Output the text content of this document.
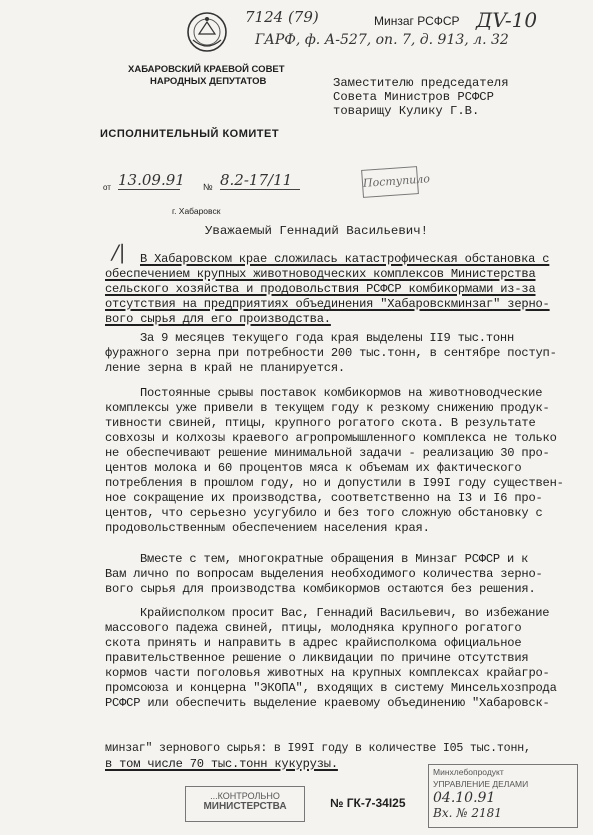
7124 (79)
ГАРФ, ф. А-527, оп. 7, д. 913, л. 32
Минзаг РСФСР ДV-10
ХАБАРОВСКИЙ КРАЕВОЙ СОВЕТ
НАРОДНЫХ ДЕПУТАТОВ	Заместителю председателя
Совета Министров РСФСР
товарищу Кулику Г.В.
ИСПОЛНИТЕЛЬНЫЙ КОМИТЕТ
от 13.09.91 № 8.2-17/11	Поступило
г. Хабаровск
Уважаемый Геннадий Васильевич!
/| В Хабаровском крае сложилась катастрофическая обстановка с
обеспечением крупных животноводческих комплексов Министерства
сельского хозяйства и продовольствия РСФСР комбикормами из-за
отсутствия на предприятиях объединения "Хабаровскминзаг" зерно-
вого сырья для его производства.
За 9 месяцев текущего года края выделены II9 тыс.тонн
фуражного зерна при потребности 200 тыс.тонн, в сентябре поступ-
ление зерна в край не планируется.
Постоянные срывы поставок комбикормов на животноводческие
комплексы уже привели в текущем году к резкому снижению продук-
тивности свиней, птицы, крупного рогатого скота. В результате
совхозы и колхозы краевого агропромышленного комплекса не только
не обеспечивают решение минимальной задачи - реализацию 30 про-
центов молока и 60 процентов мяса к объемам их фактического
потребления в прошлом году, но и допустили в I99I году существен-
ное сокращение их производства, соответственно на I3 и I6 про-
центов, что серьезно усугубило и без того сложную обстановку с
продовольственным обеспечением населения края.
Вместе с тем, многократные обращения в Минзаг РСФСР и к
Вам лично по вопросам выделения необходимого количества зерно-
вого сырья для производства комбикормов остаются без решения.
Крайисполком просит Вас, Геннадий Васильевич, во избежание
массового падежа свиней, птицы, молодняка крупного рогатого
скота принять и направить в адрес крайисполкома официальное
правительственное решение о ликвидации по причине отсутствия
кормов части поголовья животных на крупных комплексах крайагро-
промсоюза и концерна "ЭКОПА", входящих в систему Минсельхозпрода
РСФСР или обеспечить выделение краевому объединению "Хабаровск-
минзаг" зернового сырья: в I99I году в количестве I05 тыс.тонн,
в том числе 70 тыс.тонн кукурузы.
...КОНТРОЛЬНО
МИНИСТЕРСТВА	№ ГК-7-34I25
Минхлебопродукт
УПРАВЛЕНИЕ ДЕЛАМИ
04.10.91
Вх. № 2181
